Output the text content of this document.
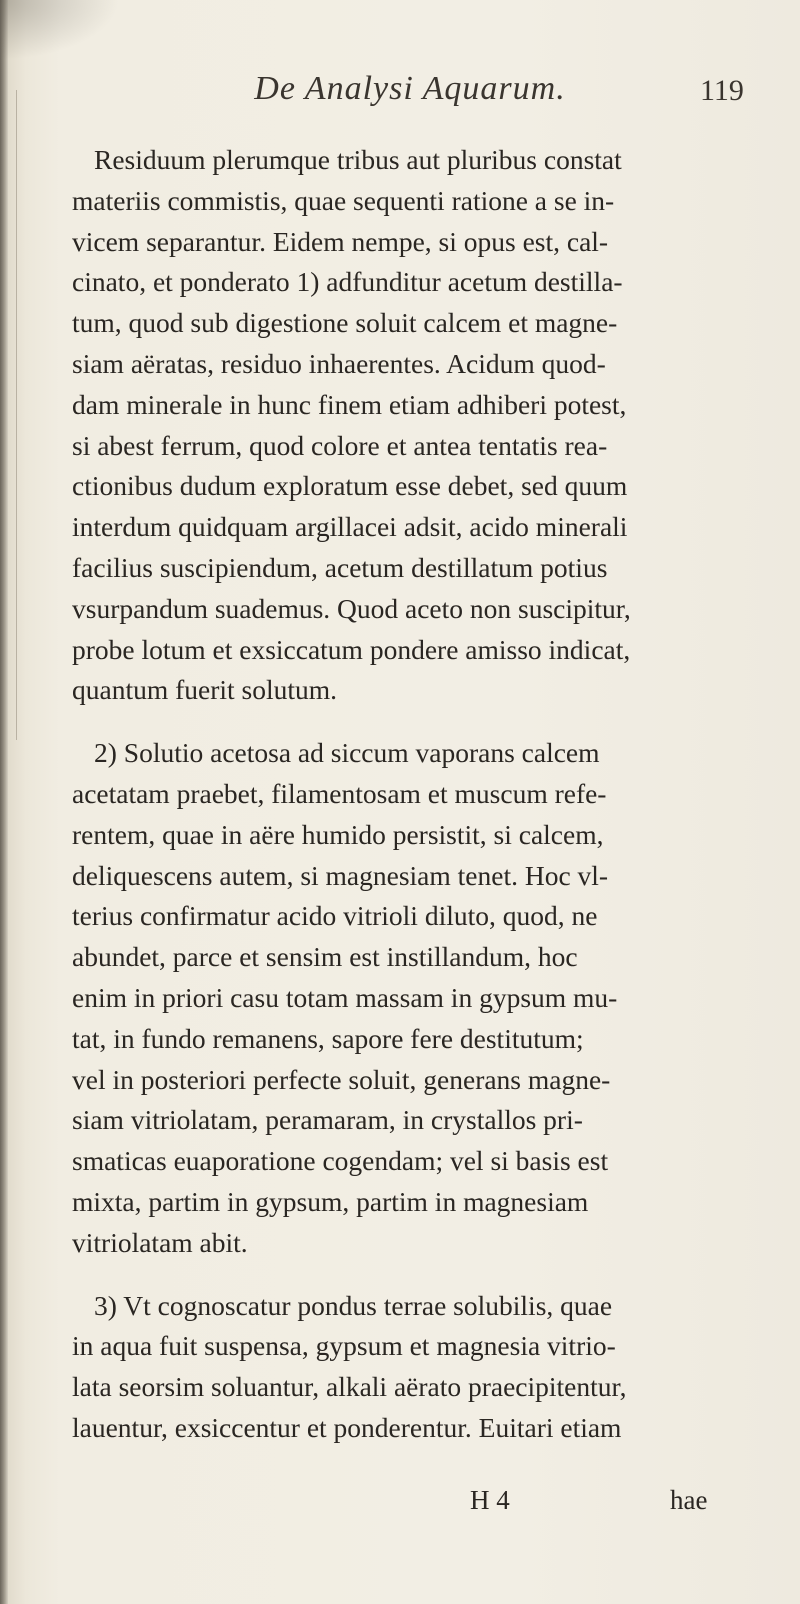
De Analysi Aquarum.	119
Residuum plerumque tribus aut pluribus constat
materiis commistis, quae sequenti ratione a se in-
vicem separantur. Eidem nempe, si opus est, cal-
cinato, et ponderato 1) adfunditur acetum destilla-
tum, quod sub digestione soluit calcem et magne-
siam aëratas, residuo inhaerentes. Acidum quod-
dam minerale in hunc finem etiam adhiberi potest,
si abest ferrum, quod colore et antea tentatis rea-
ctionibus dudum exploratum esse debet, sed quum
interdum quidquam argillacei adsit, acido minerali
facilius suscipiendum, acetum destillatum potius
vsurpandum suademus. Quod aceto non suscipitur,
probe lotum et exsiccatum pondere amisso indicat,
quantum fuerit solutum.
2) Solutio acetosa ad siccum vaporans calcem
acetatam praebet, filamentosam et muscum refe-
rentem, quae in aëre humido persistit, si calcem,
deliquescens autem, si magnesiam tenet. Hoc vl-
terius confirmatur acido vitrioli diluto, quod, ne
abundet, parce et sensim est instillandum, hoc
enim in priori casu totam massam in gypsum mu-
tat, in fundo remanens, sapore fere destitutum;
vel in posteriori perfecte soluit, generans magne-
siam vitriolatam, peramaram, in crystallos pri-
smaticas euaporatione cogendam; vel si basis est
mixta, partim in gypsum, partim in magnesiam
vitriolatam abit.
3) Vt cognoscatur pondus terrae solubilis, quae
in aqua fuit suspensa, gypsum et magnesia vitrio-
lata seorsim soluantur, alkali aërato praecipitentur,
lauentur, exsiccentur et ponderentur. Euitari etiam
H 4	hae
